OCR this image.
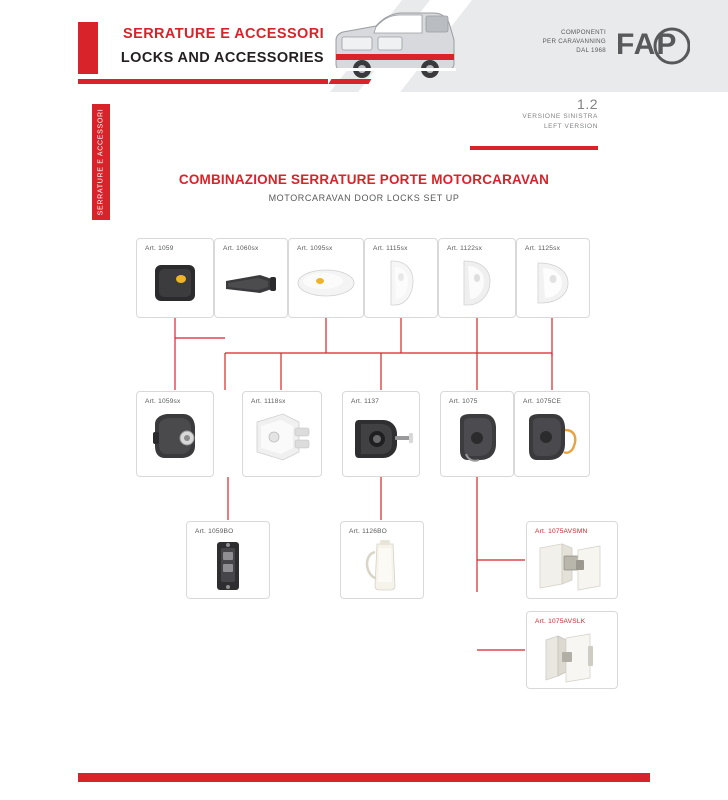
SERRATURE E ACCESSORI
LOCKS AND ACCESSORIES
COMPONENTI
PER CARAVANNING
DAL 1968 FAP
SERRATURE E ACCESSORI
1.2
VERSIONE SINISTRA
LEFT VERSION
COMBINAZIONE SERRATURE PORTE MOTORCARAVAN
MOTORCARAVAN DOOR LOCKS SET UP
Art. 1059	Art. 1060sx	Art. 1095sx	Art. 1115sx	Art. 1122sx	Art. 1125sx
Art. 1059sx	Art. 1118sx	Art. 1137	Art. 1075	Art. 1075CE
Art. 1059BO	Art. 1126BO	Art. 1075AVSMN
Art. 1075AVSLK
